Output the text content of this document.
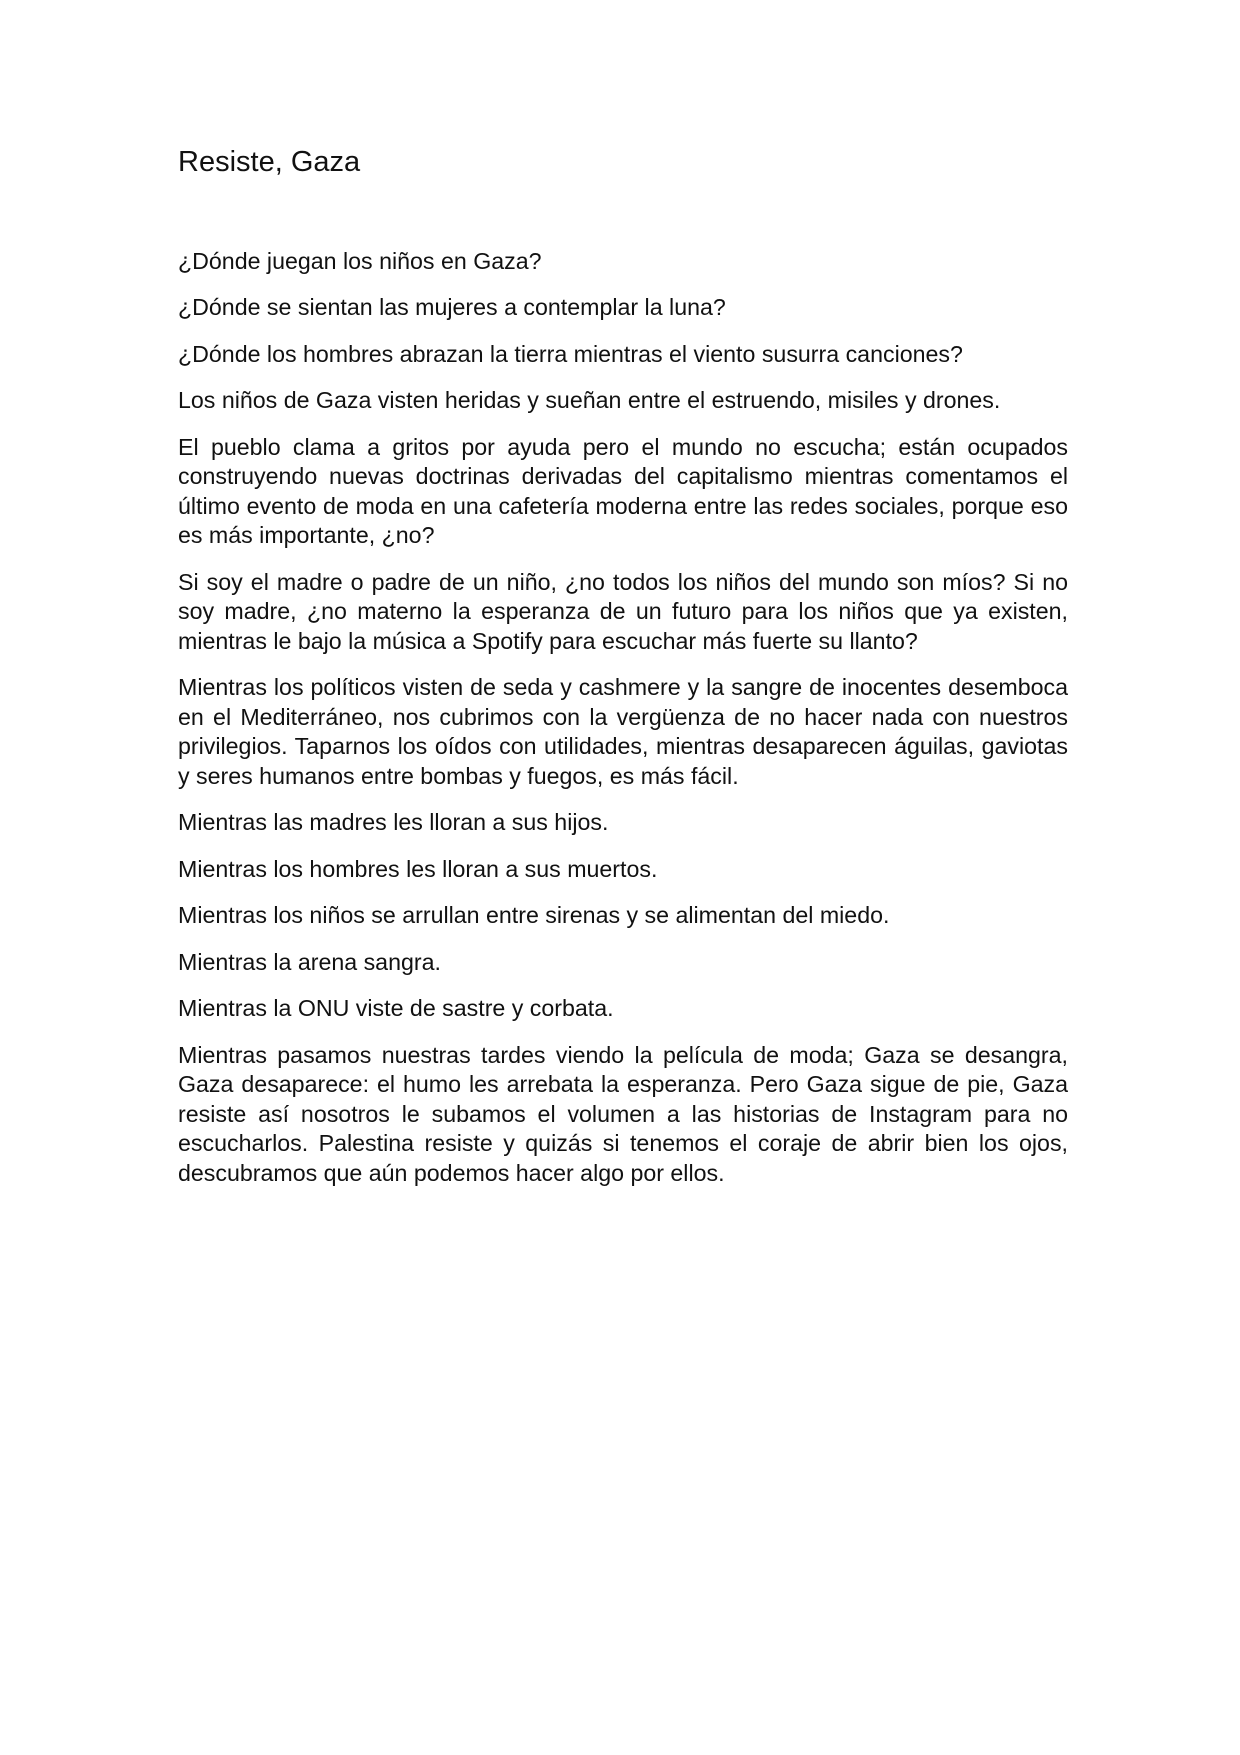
Resiste, Gaza

¿Dónde juegan los niños en Gaza?

¿Dónde se sientan las mujeres a contemplar la luna?

¿Dónde los hombres abrazan la tierra mientras el viento susurra canciones?

Los niños de Gaza visten heridas y sueñan entre el estruendo, misiles y drones.

El pueblo clama a gritos por ayuda pero el mundo no escucha; están ocupados construyendo nuevas doctrinas derivadas del capitalismo mientras comentamos el último evento de moda en una cafetería moderna entre las redes sociales, porque eso es más importante, ¿no?

Si soy el madre o padre de un niño, ¿no todos los niños del mundo son míos? Si no soy madre, ¿no materno la esperanza de un futuro para los niños que ya existen, mientras le bajo la música a Spotify para escuchar más fuerte su llanto?

Mientras los políticos visten de seda y cashmere y la sangre de inocentes desemboca en el Mediterráneo, nos cubrimos con la vergüenza de no hacer nada con nuestros privilegios. Taparnos los oídos con utilidades, mientras desaparecen águilas, gaviotas y seres humanos entre bombas y fuegos, es más fácil.

Mientras las madres les lloran a sus hijos.

Mientras los hombres les lloran a sus muertos.

Mientras los niños se arrullan entre sirenas y se alimentan del miedo.

Mientras la arena sangra.

Mientras la ONU viste de sastre y corbata.

Mientras pasamos nuestras tardes viendo la película de moda; Gaza se desangra, Gaza desaparece: el humo les arrebata la esperanza. Pero Gaza sigue de pie, Gaza resiste así nosotros le subamos el volumen a las historias de Instagram para no escucharlos. Palestina resiste y quizás si tenemos el coraje de abrir bien los ojos, descubramos que aún podemos hacer algo por ellos.
